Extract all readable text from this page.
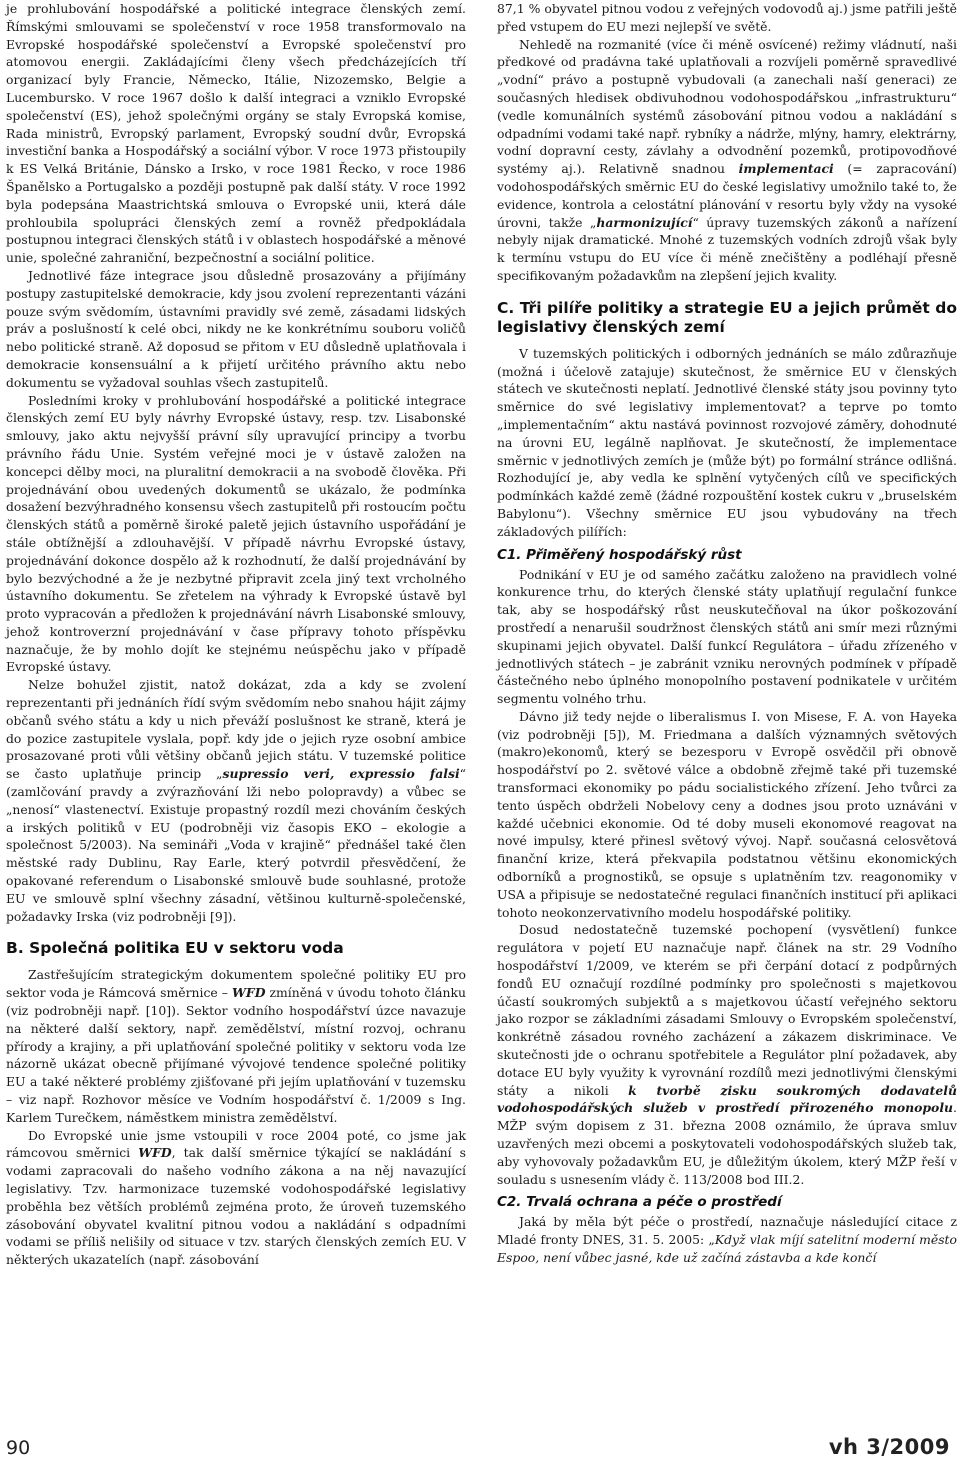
je prohlubování hospodářské a politické integrace členských zemí. Římskými smlouvami se společenství v roce 1958 transformovalo na Evropské hospodářské společenství a Evropské společenství pro atomovou energii. Zakládajícími členy všech předcházejících tří organizací byly Francie, Německo, Itálie, Nizozemsko, Belgie a Lucembursko. V roce 1967 došlo k další integraci a vzniklo Evropské společenství (ES), jehož společnými orgány se staly Evropská komise, Rada ministrů, Evropský parlament, Evropský soudní dvůr, Evropská investiční banka a Hospodářský a sociální výbor. V roce 1973 přistoupily k ES Velká Británie, Dánsko a Irsko, v roce 1981 Řecko, v roce 1986 Španělsko a Portugalsko a později postupně pak další státy. V roce 1992 byla podepsána Maastrichtská smlouva o Evropské unii, která dále prohloubila spolupráci členských zemí a rovněž předpokládala postupnou integraci členských států i v oblastech hospodářské a měnové unie, společné zahraniční, bezpečnostní a sociální politice.

Jednotlivé fáze integrace jsou důsledně prosazovány a přijímány postupy zastupitelské demokracie, kdy jsou zvolení reprezentanti vázáni pouze svým svědomím, ústavními pravidly své země, zásadami lidských práv a poslušností k celé obci, nikdy ne ke konkrétnímu souboru voličů nebo politické straně. Až doposud se přitom v EU důsledně uplatňovala i demokracie konsensuální a k přijetí určitého právního aktu nebo dokumentu se vyžadoval souhlas všech zastupitelů.

Posledními kroky v prohlubování hospodářské a politické integrace členských zemí EU byly návrhy Evropské ústavy, resp. tzv. Lisabonské smlouvy, jako aktu nejvyšší právní síly upravující principy a tvorbu právního řádu Unie. Systém veřejné moci je v ústavě založen na koncepci dělby moci, na pluralitní demokracii a na svobodě člověka. Při projednávání obou uvedených dokumentů se ukázalo, že podmínka dosažení bezvýhradného konsensu všech zastupitelů při rostoucím počtu členských států a poměrně široké paletě jejich ústavního uspořádání je stále obtížnější a zdlouhavější. V případě návrhu Evropské ústavy, projednávání dokonce dospělo až k rozhodnutí, že další projednávání by bylo bezvýchodné a že je nezbytné připravit zcela jiný text vrcholného ústavního dokumentu. Se zřetelem na výhrady k Evropské ústavě byl proto vypracován a předložen k projednávání návrh Lisabonské smlouvy, jehož kontroverzní projednávání v čase přípravy tohoto příspěvku naznačuje, že by mohlo dojít ke stejnému neúspěchu jako v případě Evropské ústavy.

Nelze bohužel zjistit, natož dokázat, zda a kdy se zvolení reprezentanti při jednáních řídí svým svědomím nebo snahou hájit zájmy občanů svého státu a kdy u nich převáží poslušnost ke straně, která je do pozice zastupitele vyslala, popř. kdy jde o jejich ryze osobní ambice prosazované proti vůli většiny občanů jejich státu. V tuzemské politice se často uplatňuje princip „supressio veri, expressio falsi“ (zamlčování pravdy a zvýrazňování lži nebo polopravdy) a vůbec se „nenosí“ vlastenectví. Existuje propastný rozdíl mezi chováním českých a irských politiků v EU (podrobněji viz časopis EKO – ekologie a společnost 5/2003). Na semináři „Voda v krajině“ přednášel také člen městské rady Dublinu, Ray Earle, který potvrdil přesvědčení, že opakované referendum o Lisabonské smlouvě bude souhlasné, protože EU ve smlouvě splní všechny zásadní, většinou kulturně-společenské, požadavky Irska (viz podrobněji [9]).

B. Společná politika EU v sektoru voda

Zastřešujícím strategickým dokumentem společné politiky EU pro sektor voda je Rámcová směrnice – WFD zmíněná v úvodu tohoto článku (viz podrobněji např. [10]). Sektor vodního hospodářství úzce navazuje na některé další sektory, např. zemědělství, místní rozvoj, ochranu přírody a krajiny, a při uplatňování společné politiky v sektoru voda lze názorně ukázat obecně přijímané vývojové tendence společné politiky EU a také některé problémy zjišťované při jejím uplatňování v tuzemsku – viz např. Rozhovor měsíce ve Vodním hospodářství č. 1/2009 s Ing. Karlem Turečkem, náměstkem ministra zemědělství.

Do Evropské unie jsme vstoupili v roce 2004 poté, co jsme jak rámcovou směrnici WFD, tak další směrnice týkající se nakládání s vodami zapracovali do našeho vodního zákona a na něj navazující legislativy. Tzv. harmonizace tuzemské vodohospodářské legislativy proběhla bez větších problémů zejména proto, že úroveň tuzemského zásobování obyvatel kvalitní pitnou vodou a nakládání s odpadními vodami se příliš nelišily od situace v tzv. starých členských zemích EU. V některých ukazatelích (např. zásobování

87,1 % obyvatel pitnou vodou z veřejných vodovodů aj.) jsme patřili ještě před vstupem do EU mezi nejlepší ve světě.

Nehledě na rozmanité (více či méně osvícené) režimy vládnutí, naši předkové od pradávna také uplatňovali a rozvíjeli poměrně spravedlivé „vodní“ právo a postupně vybudovali (a zanechali naší generaci) ze současných hledisek obdivuhodnou vodohospodářskou „infrastrukturu“ (vedle komunálních systémů zásobování pitnou vodou a nakládání s odpadními vodami také např. rybníky a nádrže, mlýny, hamry, elektrárny, vodní dopravní cesty, závlahy a odvodnění pozemků, protipovodňové systémy aj.). Relativně snadnou implementaci (= zapracování) vodohospodářských směrnic EU do české legislativy umožnilo také to, že evidence, kontrola a celostátní plánování v resortu byly vždy na vysoké úrovni, takže „harmonizující“ úpravy tuzemských zákonů a nařízení nebyly nijak dramatické. Mnohé z tuzemských vodních zdrojů však byly k termínu vstupu do EU více či méně znečištěny a podléhají přesně specifikovaným požadavkům na zlepšení jejich kvality.

C. Tři pilíře politiky a strategie EU a jejich průmět do legislativy členských zemí

V tuzemských politických i odborných jednáních se málo zdůrazňuje (možná i účelově zatajuje) skutečnost, že směrnice EU v členských státech ve skutečnosti neplatí. Jednotlivé členské státy jsou povinny tyto směrnice do své legislativy implementovat? a teprve po tomto „implementačním“ aktu nastává povinnost rozvojové záměry, dohodnuté na úrovni EU, legálně naplňovat. Je skutečností, že implementace směrnic v jednotlivých zemích je (může být) po formální stránce odlišná. Rozhodující je, aby vedla ke splnění vytyčených cílů ve specifických podmínkách každé země (žádné rozpouštění kostek cukru v „bruselském Babylonu“). Všechny směrnice EU jsou vybudovány na třech základových pilířích:

C1. Přiměřený hospodářský růst

Podnikání v EU je od samého začátku založeno na pravidlech volné konkurence trhu, do kterých členské státy uplatňují regulační funkce tak, aby se hospodářský růst neuskutečňoval na úkor poškozování prostředí a nenarušil soudržnost členských států ani smír mezi různými skupinami jejich obyvatel. Další funkcí Regulátora – úřadu zřízeného v jednotlivých státech – je zabránit vzniku nerovných podmínek v případě částečného nebo úplného monopolního postavení podnikatele v určitém segmentu volného trhu.

Dávno již tedy nejde o liberalismus I. von Misese, F. A. von Hayeka (viz podrobněji [5]), M. Friedmana a dalších významných světových (makro)ekonomů, který se bezesporu v Evropě osvědčil při obnově hospodářství po 2. světové válce a obdobně zřejmě také při tuzemské transformaci ekonomiky po pádu socialistického zřízení. Jeho tvůrci za tento úspěch obdrželi Nobelovy ceny a dodnes jsou proto uznáváni v každé učebnici ekonomie. Od té doby museli ekonomové reagovat na nové impulsy, které přinesl světový vývoj. Např. současná celosvětová finanční krize, která překvapila podstatnou většinu ekonomických odborníků a prognostiků, se opsuje s uplatněním tzv. reagonomiky v USA a připisuje se nedostatečné regulaci finančních institucí při aplikaci tohoto neokonzervativního modelu hospodářské politiky.

Dosud nedostatečně tuzemské pochopení (vysvětlení) funkce regulátora v pojetí EU naznačuje např. článek na str. 29 Vodního hospodářství 1/2009, ve kterém se při čerpání dotací z podpůrných fondů EU označují rozdílné podmínky pro společnosti s majetkovou účastí soukromých subjektů a s majetkovou účastí veřejného sektoru jako rozpor se základními zásadami Smlouvy o Evropském společenství, konkrétně zásadou rovného zacházení a zákazem diskriminace. Ve skutečnosti jde o ochranu spotřebitele a Regulátor plní požadavek, aby dotace EU byly využity k vyrovnání rozdílů mezi jednotlivými členskými státy a nikoli k tvorbě zisku soukromých dodavatelů vodohospodářských služeb v prostředí přirozeného monopolu. MŽP svým dopisem z 31. března 2008 oznámilo, že úprava smluv uzavřených mezi obcemi a poskytovateli vodohospodářských služeb tak, aby vyhovovaly požadavkům EU, je důležitým úkolem, který MŽP řeší v souladu s usnesením vlády č. 113/2008 bod III.2.

C2. Trvalá ochrana a péče o prostředí

Jaká by měla být péče o prostředí, naznačuje následující citace z Mladé fronty DNES, 31. 5. 2005: „Když vlak míjí satelitní moderní město Espoo, není vůbec jasné, kde už začíná zástavba a kde končí

90	vh 3/2009
